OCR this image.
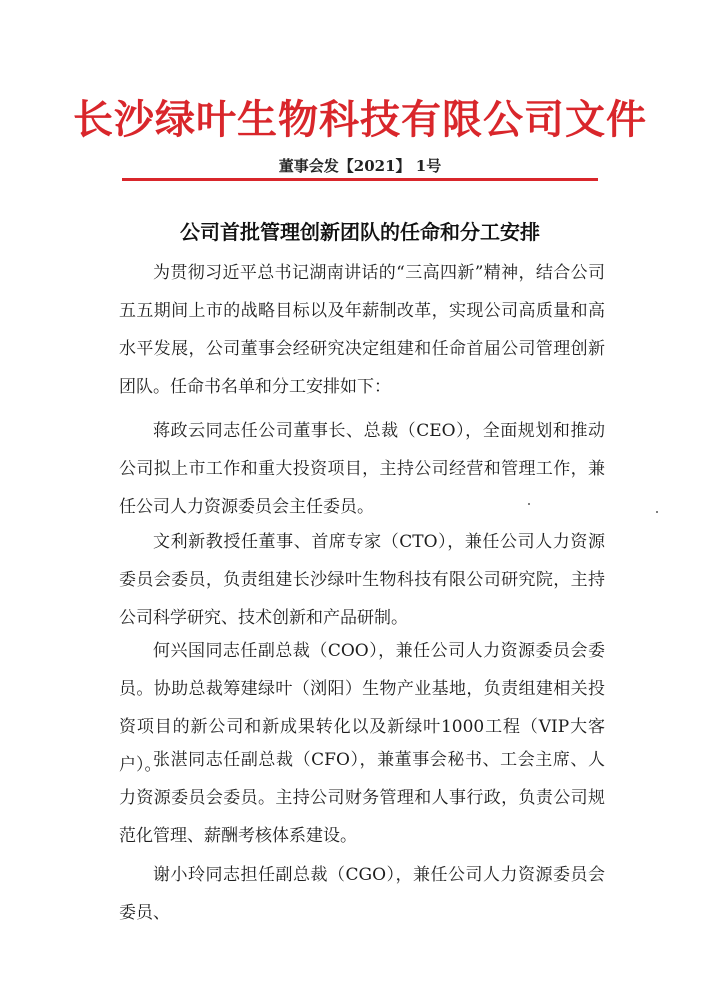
长沙绿叶生物科技有限公司文件
董事会发【2021】 1号
公司首批管理创新团队的任命和分工安排
为贯彻习近平总书记湖南讲话的“三高四新”精神，结合公司五五期间上市的战略目标以及年薪制改革，实现公司高质量和高水平发展，公司董事会经研究决定组建和任命首届公司管理创新团队。任命书名单和分工安排如下：
蒋政云同志任公司董事长、总裁（CEO），全面规划和推动公司拟上市工作和重大投资项目，主持公司经营和管理工作，兼任公司人力资源委员会主任委员。
文利新教授任董事、首席专家（CTO），兼任公司人力资源委员会委员，负责组建长沙绿叶生物科技有限公司研究院，主持公司科学研究、技术创新和产品研制。
何兴国同志任副总裁（COO），兼任公司人力资源委员会委员。协助总裁筹建绿叶（浏阳）生物产业基地，负责组建相关投资项目的新公司和新成果转化以及新绿叶1000工程（VIP大客户）。
张湛同志任副总裁（CFO），兼董事会秘书、工会主席、人力资源委员会委员。主持公司财务管理和人事行政，负责公司规范化管理、薪酬考核体系建设。
谢小玲同志担任副总裁（CGO），兼任公司人力资源委员会委员、
